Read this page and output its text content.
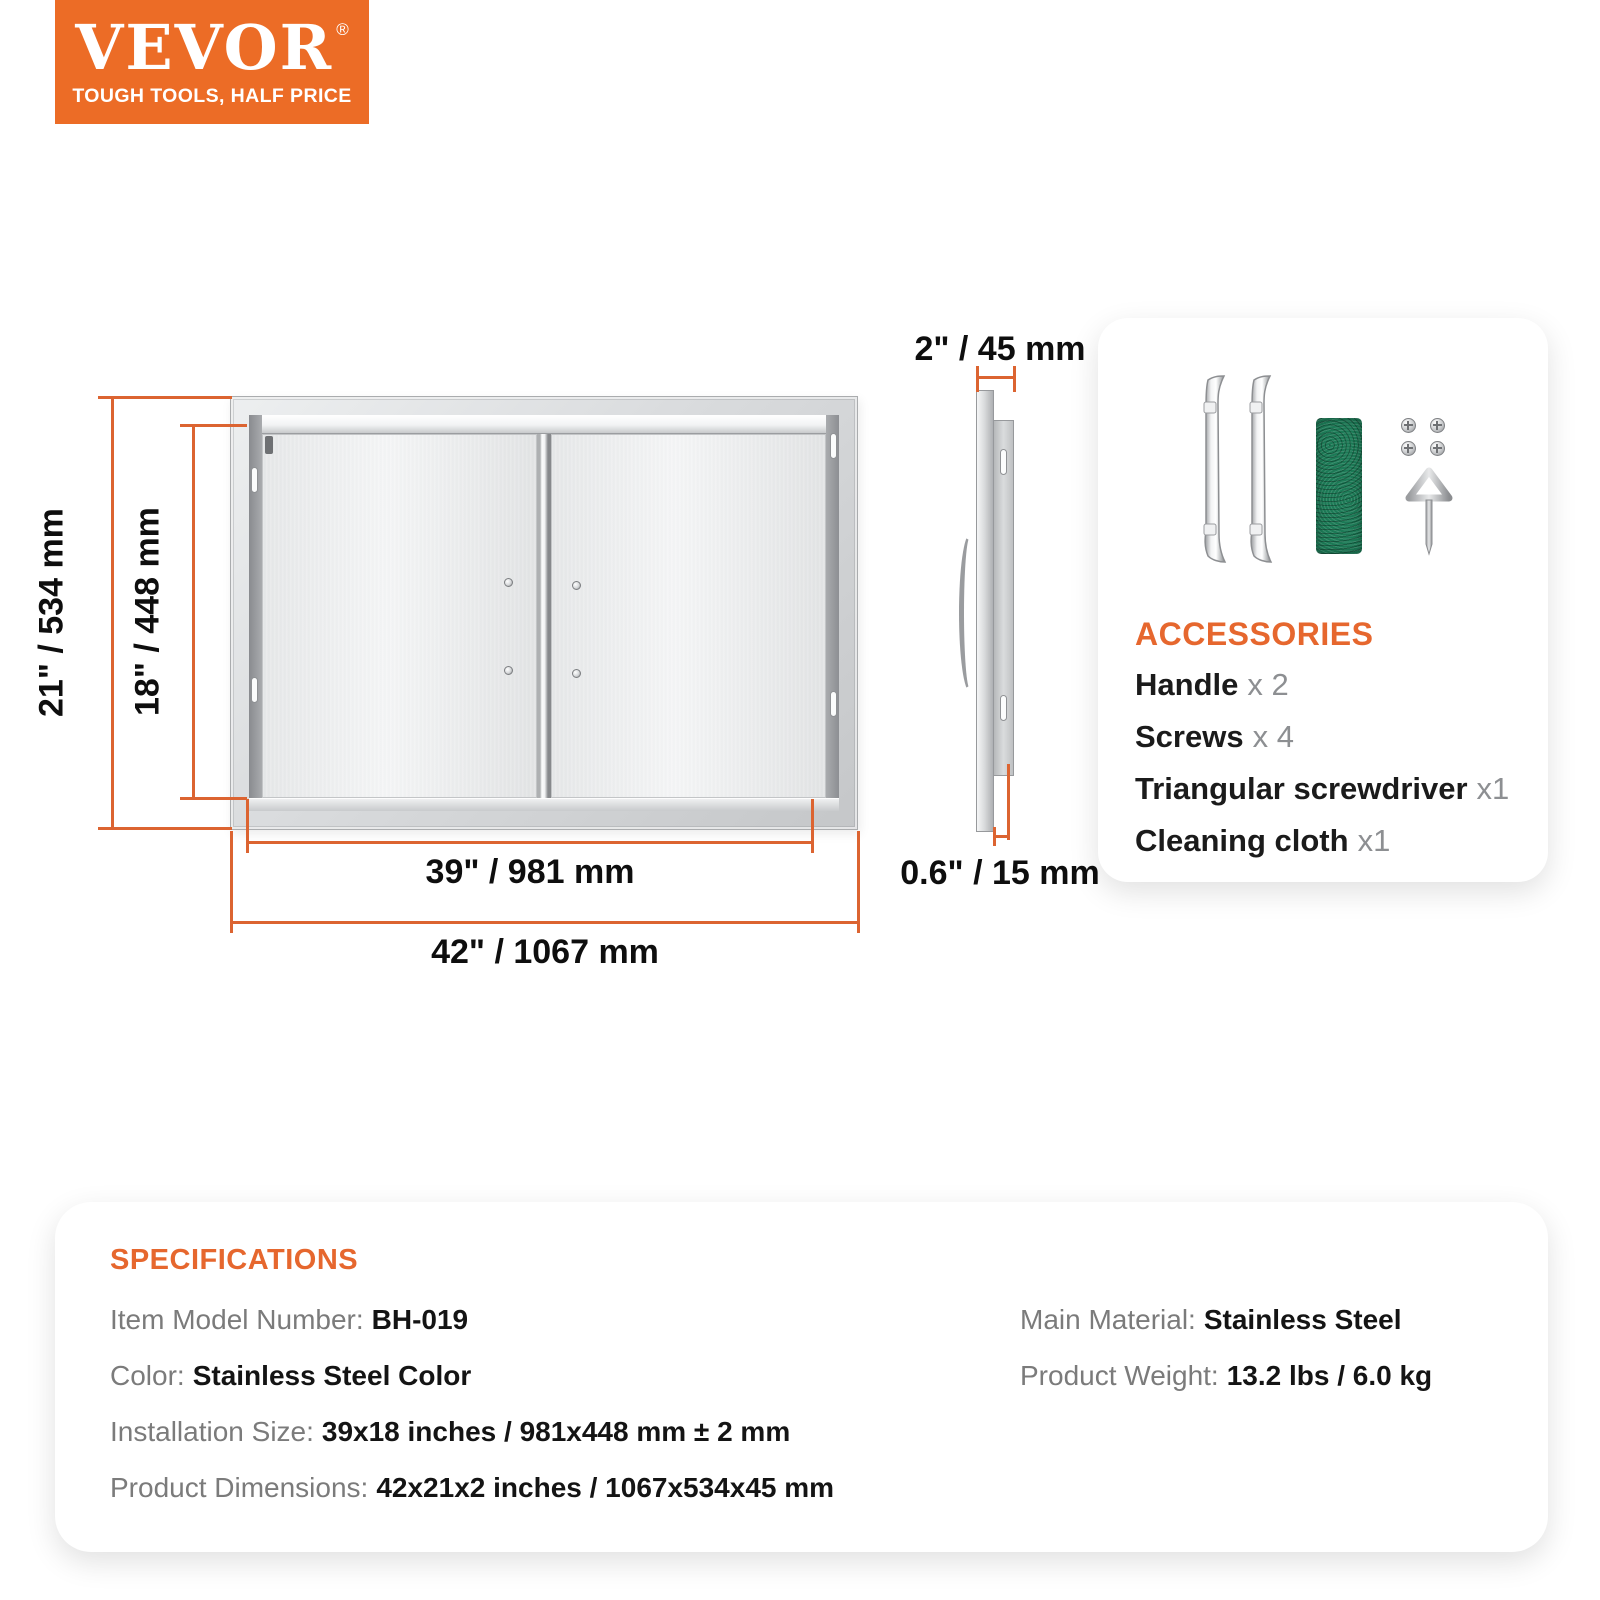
VEVOR ®
TOUGH TOOLS, HALF PRICE
21" / 534 mm 18" / 448 mm
39" / 981 mm
42" / 1067 mm
2" / 45 mm
0.6" / 15 mm
ACCESSORIES
Handle x 2
Screws x 4
Triangular screwdriver x1
Cleaning cloth x1
SPECIFICATIONS
Item Model Number: BH-019
Color: Stainless Steel Color
Installation Size: 39x18 inches / 981x448 mm ± 2 mm
Product Dimensions: 42x21x2 inches / 1067x534x45 mm
Main Material: Stainless Steel
Product Weight: 13.2 lbs / 6.0 kg
